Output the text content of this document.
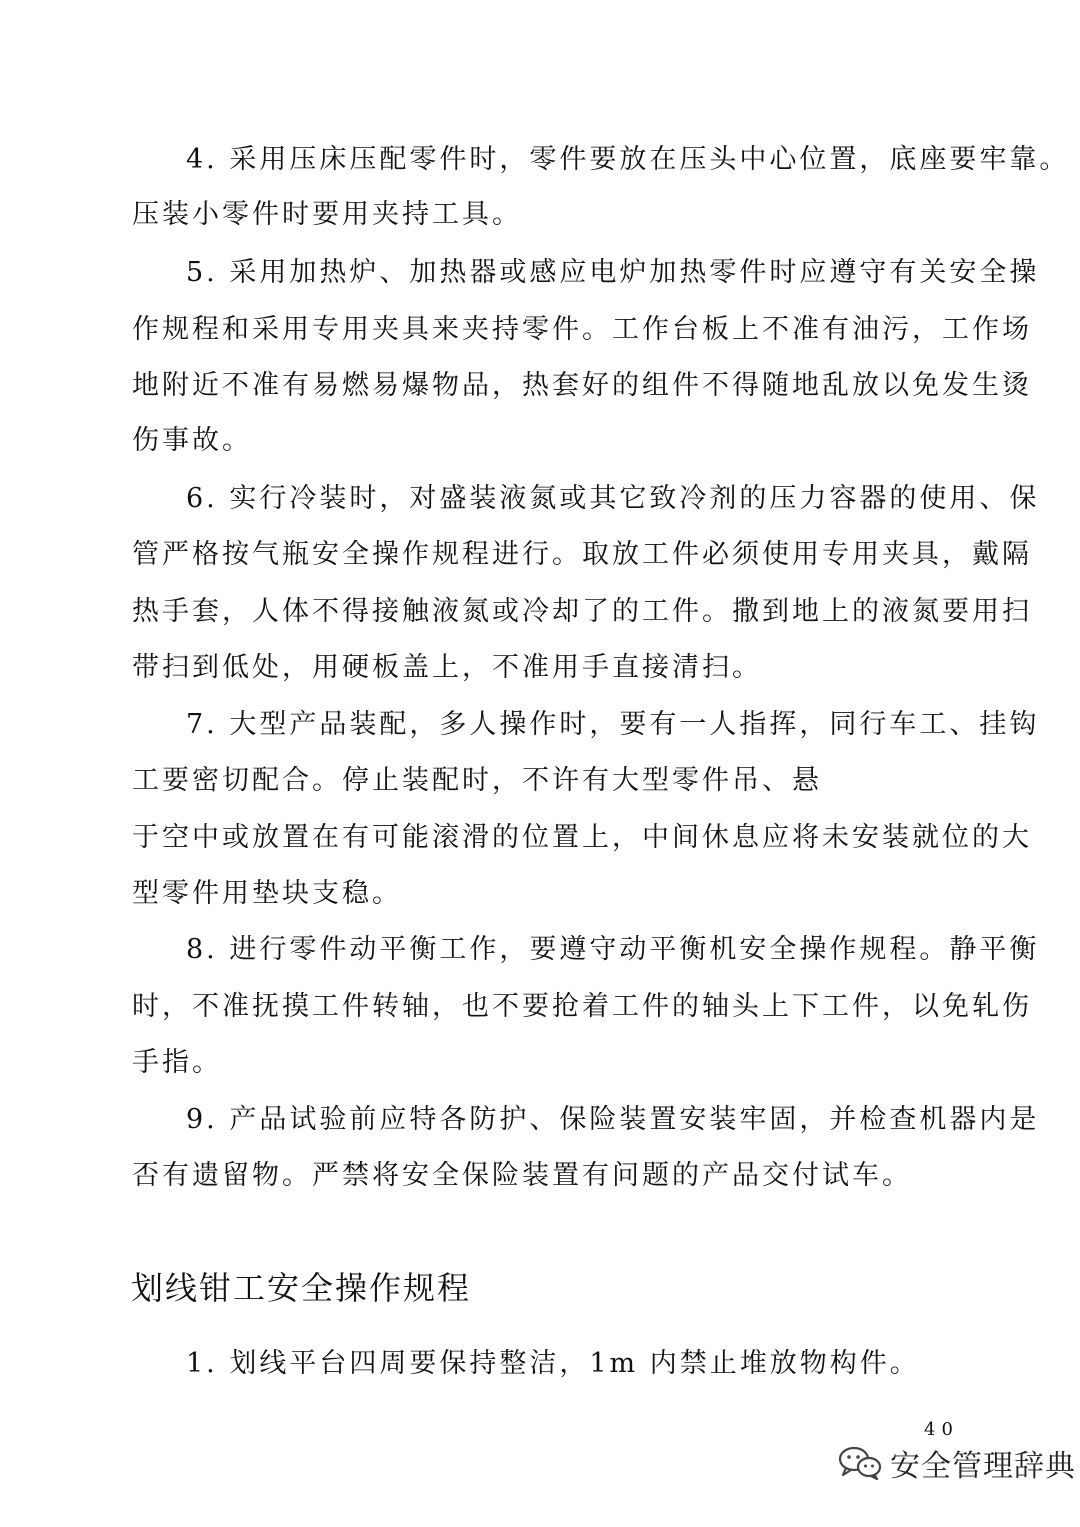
4. 采用压床压配零件时，零件要放在压头中心位置，底座要牢靠。
压装小零件时要用夹持工具。
5. 采用加热炉、加热器或感应电炉加热零件时应遵守有关安全操
作规程和采用专用夹具来夹持零件。工作台板上不准有油污，工作场
地附近不准有易燃易爆物品，热套好的组件不得随地乱放以免发生烫
伤事故。
6. 实行冷装时，对盛装液氮或其它致冷剂的压力容器的使用、保
管严格按气瓶安全操作规程进行。取放工件必须使用专用夹具，戴隔
热手套，人体不得接触液氮或冷却了的工件。撒到地上的液氮要用扫
带扫到低处，用硬板盖上，不准用手直接清扫。
7. 大型产品装配，多人操作时，要有一人指挥，同行车工、挂钩
工要密切配合。停止装配时，不许有大型零件吊、悬
于空中或放置在有可能滚滑的位置上，中间休息应将未安装就位的大
型零件用垫块支稳。
8. 进行零件动平衡工作，要遵守动平衡机安全操作规程。静平衡
时，不准抚摸工件转轴，也不要抢着工件的轴头上下工件，以免轧伤
手指。
9. 产品试验前应特各防护、保险装置安装牢固，并检查机器内是
否有遗留物。严禁将安全保险装置有问题的产品交付试车。
划线钳工安全操作规程
1. 划线平台四周要保持整洁，1m 内禁止堆放物构件。
40
安全管理辞典
